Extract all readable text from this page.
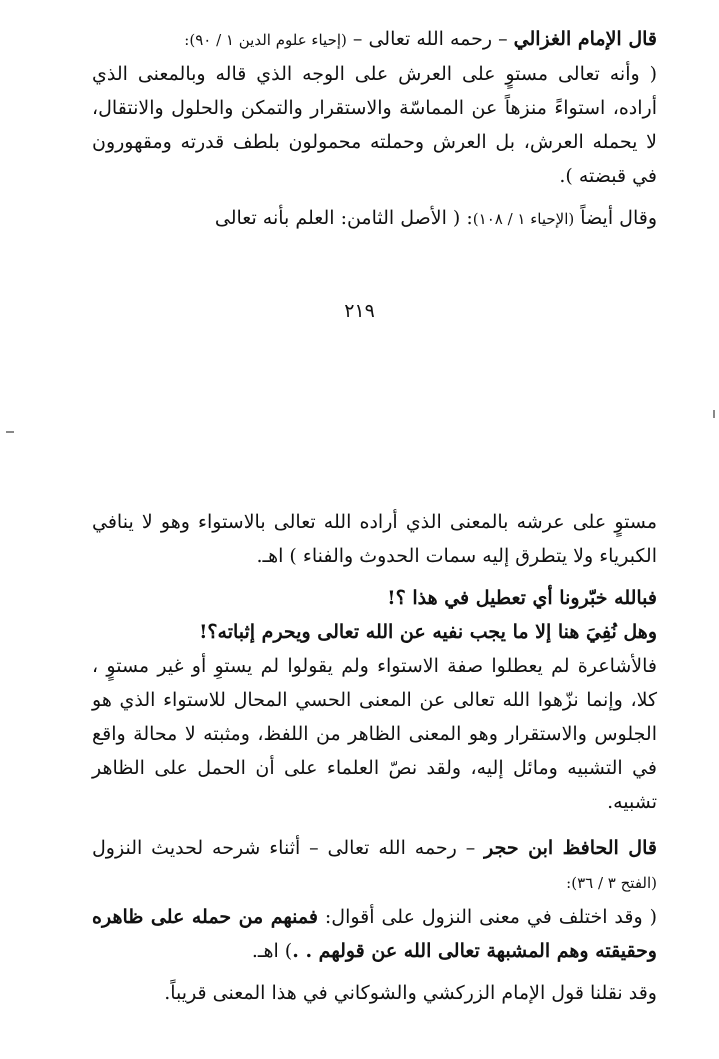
قال الإمام الغزالي – رحمه الله تعالى – (إحياء علوم الدين ١ / ٩٠):

( وأنه تعالى مستوٍ على العرش على الوجه الذي قاله وبالمعنى الذي أراده، استواءً منزهاً عن المماسّة والاستقرار والتمكن والحلول والانتقال، لا يحمله العرش، بل العرش وحملته محمولون بلطف قدرته ومقهورون في قبضته ).

وقال أيضاً (الإحياء ١ / ١٠٨): ( الأصل الثامن: العلم بأنه تعالى

٢١٩

مستوٍ على عرشه بالمعنى الذي أراده الله تعالى بالاستواء وهو لا ينافي الكبرياء ولا يتطرق إليه سمات الحدوث والفناء ) اهـ.

فبالله خبّرونا أي تعطيل في هذا ؟!

وهل نُفِيَ هنا إلا ما يجب نفيه عن الله تعالى ويحرم إثباته؟!

فالأشاعرة لم يعطلوا صفة الاستواء ولم يقولوا لم يستوِ أو غير مستوٍ ، كلا، وإنما نزّهوا الله تعالى عن المعنى الحسي المحال للاستواء الذي هو الجلوس والاستقرار وهو المعنى الظاهر من اللفظ، ومثبته لا محالة واقع في التشبيه ومائل إليه، ولقد نصّ العلماء على أن الحمل على الظاهر تشبيه.

قال الحافظ ابن حجر – رحمه الله تعالى – أثناء شرحه لحديث النزول (الفتح ٣ / ٣٦):

( وقد اختلف في معنى النزول على أقوال: فمنهم من حمله على ظاهره وحقيقته وهم المشبهة تعالى الله عن قولهم . .) اهـ.

وقد نقلنا قول الإمام الزركشي والشوكاني في هذا المعنى قريباً.
